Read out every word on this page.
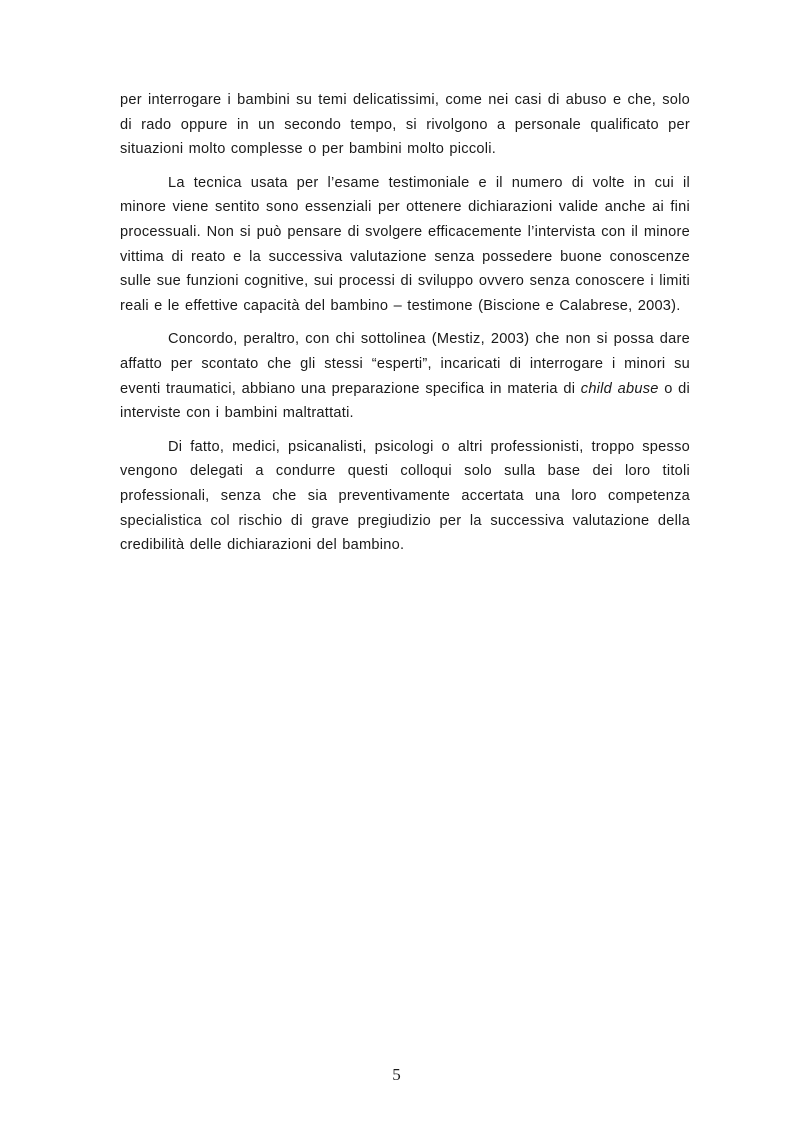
per interrogare i bambini su temi delicatissimi, come nei casi di abuso e che, solo di rado oppure in un secondo tempo, si rivolgono a personale qualificato per situazioni molto complesse o per bambini molto piccoli.

La tecnica usata per l’esame testimoniale e il numero di volte in cui il minore viene sentito sono essenziali per ottenere dichiarazioni valide anche ai fini processuali. Non si può pensare di svolgere efficacemente l’intervista con il minore vittima di reato e la successiva valutazione senza possedere buone conoscenze sulle sue funzioni cognitive, sui processi di sviluppo ovvero senza conoscere i limiti reali e le effettive capacità del bambino – testimone (Biscione e Calabrese, 2003).

Concordo, peraltro, con chi sottolinea (Mestiz, 2003) che non si possa dare affatto per scontato che gli stessi “esperti”, incaricati di interrogare i minori su eventi traumatici, abbiano una preparazione specifica in materia di child abuse o di interviste con i bambini maltrattati.

Di fatto, medici, psicanalisti, psicologi o altri professionisti, troppo spesso vengono delegati a condurre questi colloqui solo sulla base dei loro titoli professionali, senza che sia preventivamente accertata una loro competenza specialistica col rischio di grave pregiudizio per la successiva valutazione della credibilità delle dichiarazioni del bambino.

5
